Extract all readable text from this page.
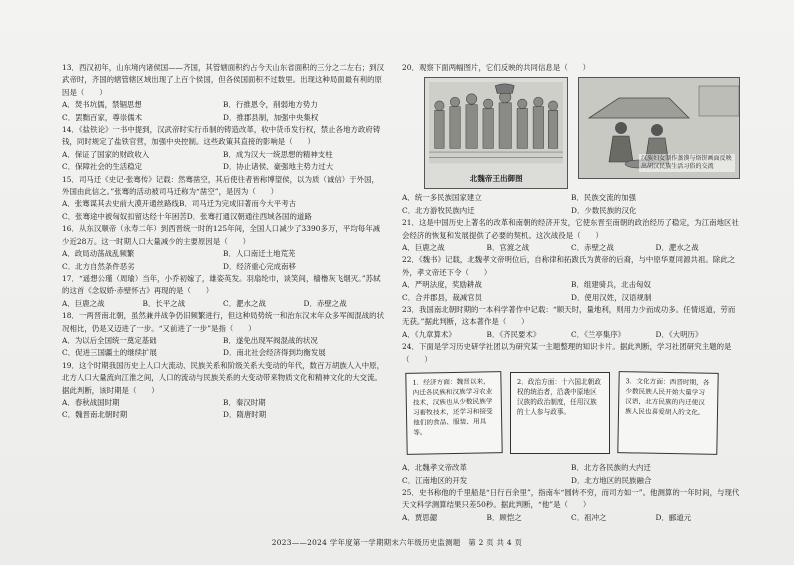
13．西汉初年，山东境内诸侯国——齐国，其管辖面积约占今天山东省面积的三分之二左右；到汉武帝时，齐国的辖管辖区域出现了上百个侯国，但各侯国面积不过数里。出现这种局面最有利的原因是（　　）

A．焚书坑儒，禁锢思想	B．行推恩令，削弱地方势力
C．罢黜百家，尊崇儒术	D．推郡县制，加强中央集权

14．《盐铁论》一书中提到，汉武帝时实行币制的铸造改革，收中货币发行权，禁止各地方政府铸钱，同时规定了盐铁官营，加强中央控制。这些政策其直接的影响是（　　）

A．保证了国家的财政收入	B．成为汉大一统思想的精神支柱
C．保障社会的生活稳定	D．协止诸侯、豪强地主势力过大

15．司马迁《史记·张骞传》记载：然骞凿空，其后使往者皆称博望侯，以为质（诚信）于外国，外国由此信之。”张骞的活动被司马迁称为“凿空”，是因为（　　）

A．张骞谋其去史前大漠开通丝路线 B．司马迁为完成旧著而今大平考古
C．张骞途中被匈奴扣留达经十年困苦 D．张骞打通汉朝通往西域各国的道路

16．从东汉顺帝（永寿二年）到西晋统一时的125年间，全国人口减少了3390多万，平均每年减少近28万。这一时期人口大量减少的主要原因是（　　）

A．政局动荡战乱频繁	B．人口南迁土地荒芜
C．北方自然条件恶劣	D．经济重心完成南移

17．“遥想公瑾（周瑜）当年，小乔初嫁了，雄姿英发。羽扇纶巾，谈笑间，樯橹灰飞烟灭。”苏轼的这首《念奴娇·赤壁怀古》再现的是（　　）

A．巨鹿之战	B．长平之战	C．淝水之战	D．赤壁之战

18．一两晋南北朝，虽然兼并战争仍旧频繁进行，但这种局势统一和治东汉末年众多军阀混战的状况相比，仍是又迈进了一步。“又前进了一步”是指（　　）

A．为以后全国统一奠定基础	B．遂免出现军阀混战的状况
C．促进三国疆土的继续扩展	D．南北社会经济得到均衡发展

19．这个时期我国历史上人口大流动、民族关系和阶级关系大变动的年代，数百万胡族人入中原，北方人口大量流向江淮之间，人口的流动与民族关系的大变动带来物质文化和精神文化的大交流。据此判断，该时期是（　　）

A．春秋战国时期	B．秦汉时期
C．魏晋南北朝时期	D．隋唐时期

20．观察下面两幅图片，它们反映的共同信息是（　　）

北魏帝王出御图
汉族妇女制作蒸馍与烙饼画面反映出胡汉民族生活习俗的交流
A．统一多民族国家建立	B．民族交流的加强
C．北方游牧民族内迁	D．少数民族的汉化

21．这是中国历史上著名的改革和南朝的经济开发，它使东晋至南朝的政治经历了稳定，为江南地区社会经济的恢复和发展提供了必要的契机。这次战役是（　　）

A．巨鹿之战	B．官渡之战	C．赤壁之战	D．淝水之战

22．《魏书》记载，北魏孝文帝明位后，自称律和拓跋氏为黄帝的后裔，与中原华夏同源共祖。除此之外，孝文帝还下令（　　）

A．严明法度，奖励耕战	B．组建骑兵，北击匈奴
C．合并郡县，裁减官员	D．使用汉姓，汉语规制

23．我国南北朝时期的一本科学著作中记载：“顺天时，量地利，则用力少而成功多。任情返道，劳而无获。”据此判断，这本著作是（　　）

A．《九章算术》	B．《齐民要术》	C．《兰亭集序》	D．《大明历》

24．下面是学习历史研学社团以为研究某一主题整理的知识卡片。据此判断，学习社团研究主题的是（　　）

1．经济方面：魏晋以来，内迁各民族和汉族学习农业技术，汉族也从少数民族学习畜牧技术，还学习和接受他们的食品、服装、用具等。
2．政治方面：十六国北朝政权的统治者，沿袭中原地区汉族的政治制度，任用汉族的士人参与政事。
3．文化方面：西晋时期，各少数民族人民开始大量学习汉语，北方民族的内迁使汉族人民也喜爱胡人的文化。
A．北魏孝文帝改革	B．北方各民族的大内迁
C．江南地区的开发	D．北方地区的民族融合

25．史书称他的千里船是“日行百余里”，指南车“圆转不穷，而司方如一”。他测算的一年时间，与现代天文科学测算结果只差50秒。据此判断，“他”是（　　）

A．贾思勰	B．顾恺之	C．祖冲之	D．郦道元
2023——2024 学年度第一学期期末六年级历史监测题　第 2 页 共 4 页
